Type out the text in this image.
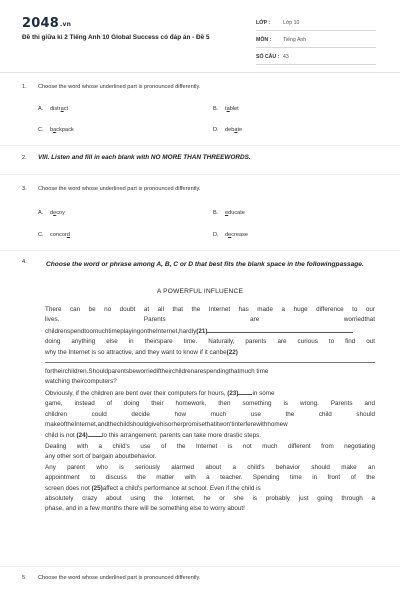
2048.vn
Đề thi giữa kì 2 Tiếng Anh 10 Global Success có đáp án - Đề 5
LỚP : Lớp 10
MÔN : Tiếng Anh
SỐ CÂU : 43
1. Choose the word whose underlined part is pronounced differently.
A. distract	B. tablet
C. backpack	D. debate
2. VIII. Listen and fill in each blank with NO MORE THAN THREEWORDS.
3. Choose the word whose underlined part is pronounced differently.
A. decoy	B. educate
C. concord	D. decrease
4.	Choose the word or phrase among A, B, C or D that best fits the blank space in the followingpassage.
A POWERFUL INFLUENCE

There can be no doubt at all that the Internet has made a huge difference to our

lives.                 Parents                 are                 worriedthat

childrenspendtoomuchtimeplayingontheInternet,hardly(21)

doing anything else in theirspare time. Naturally, parents are curious to find out

why the Internet is so attractive, and they want to know if it canbe(22)

fortheirchildren.Shouldparentsbeworriediftheirchildrenarespendingthatmuch time

watching theircomputers?

Obviously, if the children are bent over their computers for hours, (23) in some

game, instead of doing their homework, then something is wrong. Parents and

children could decide how much use the child should

makeoftheInternet,andthechildshouldgivehisorherpromisethatitwon'tinterferewithhomew

child is not (24) to this arrangement, parents can take more drastic steps.

Dealing with a child's use of the Internet is not much different from negotiating

any other sort of bargain aboutbehavior.

Any parent who is seriously alarmed about a child's behavior should make an

appointment to discuss the matter with a teacher. Spending time in front of the

screen does not (25)affect a child's performance at school. Even if the child is

absolutely crazy about using the Internet, he or she is probably just going through a

phase, and in a few months there will be something else to worry about!

5. Choose the word whose underlined part is pronounced differently.
